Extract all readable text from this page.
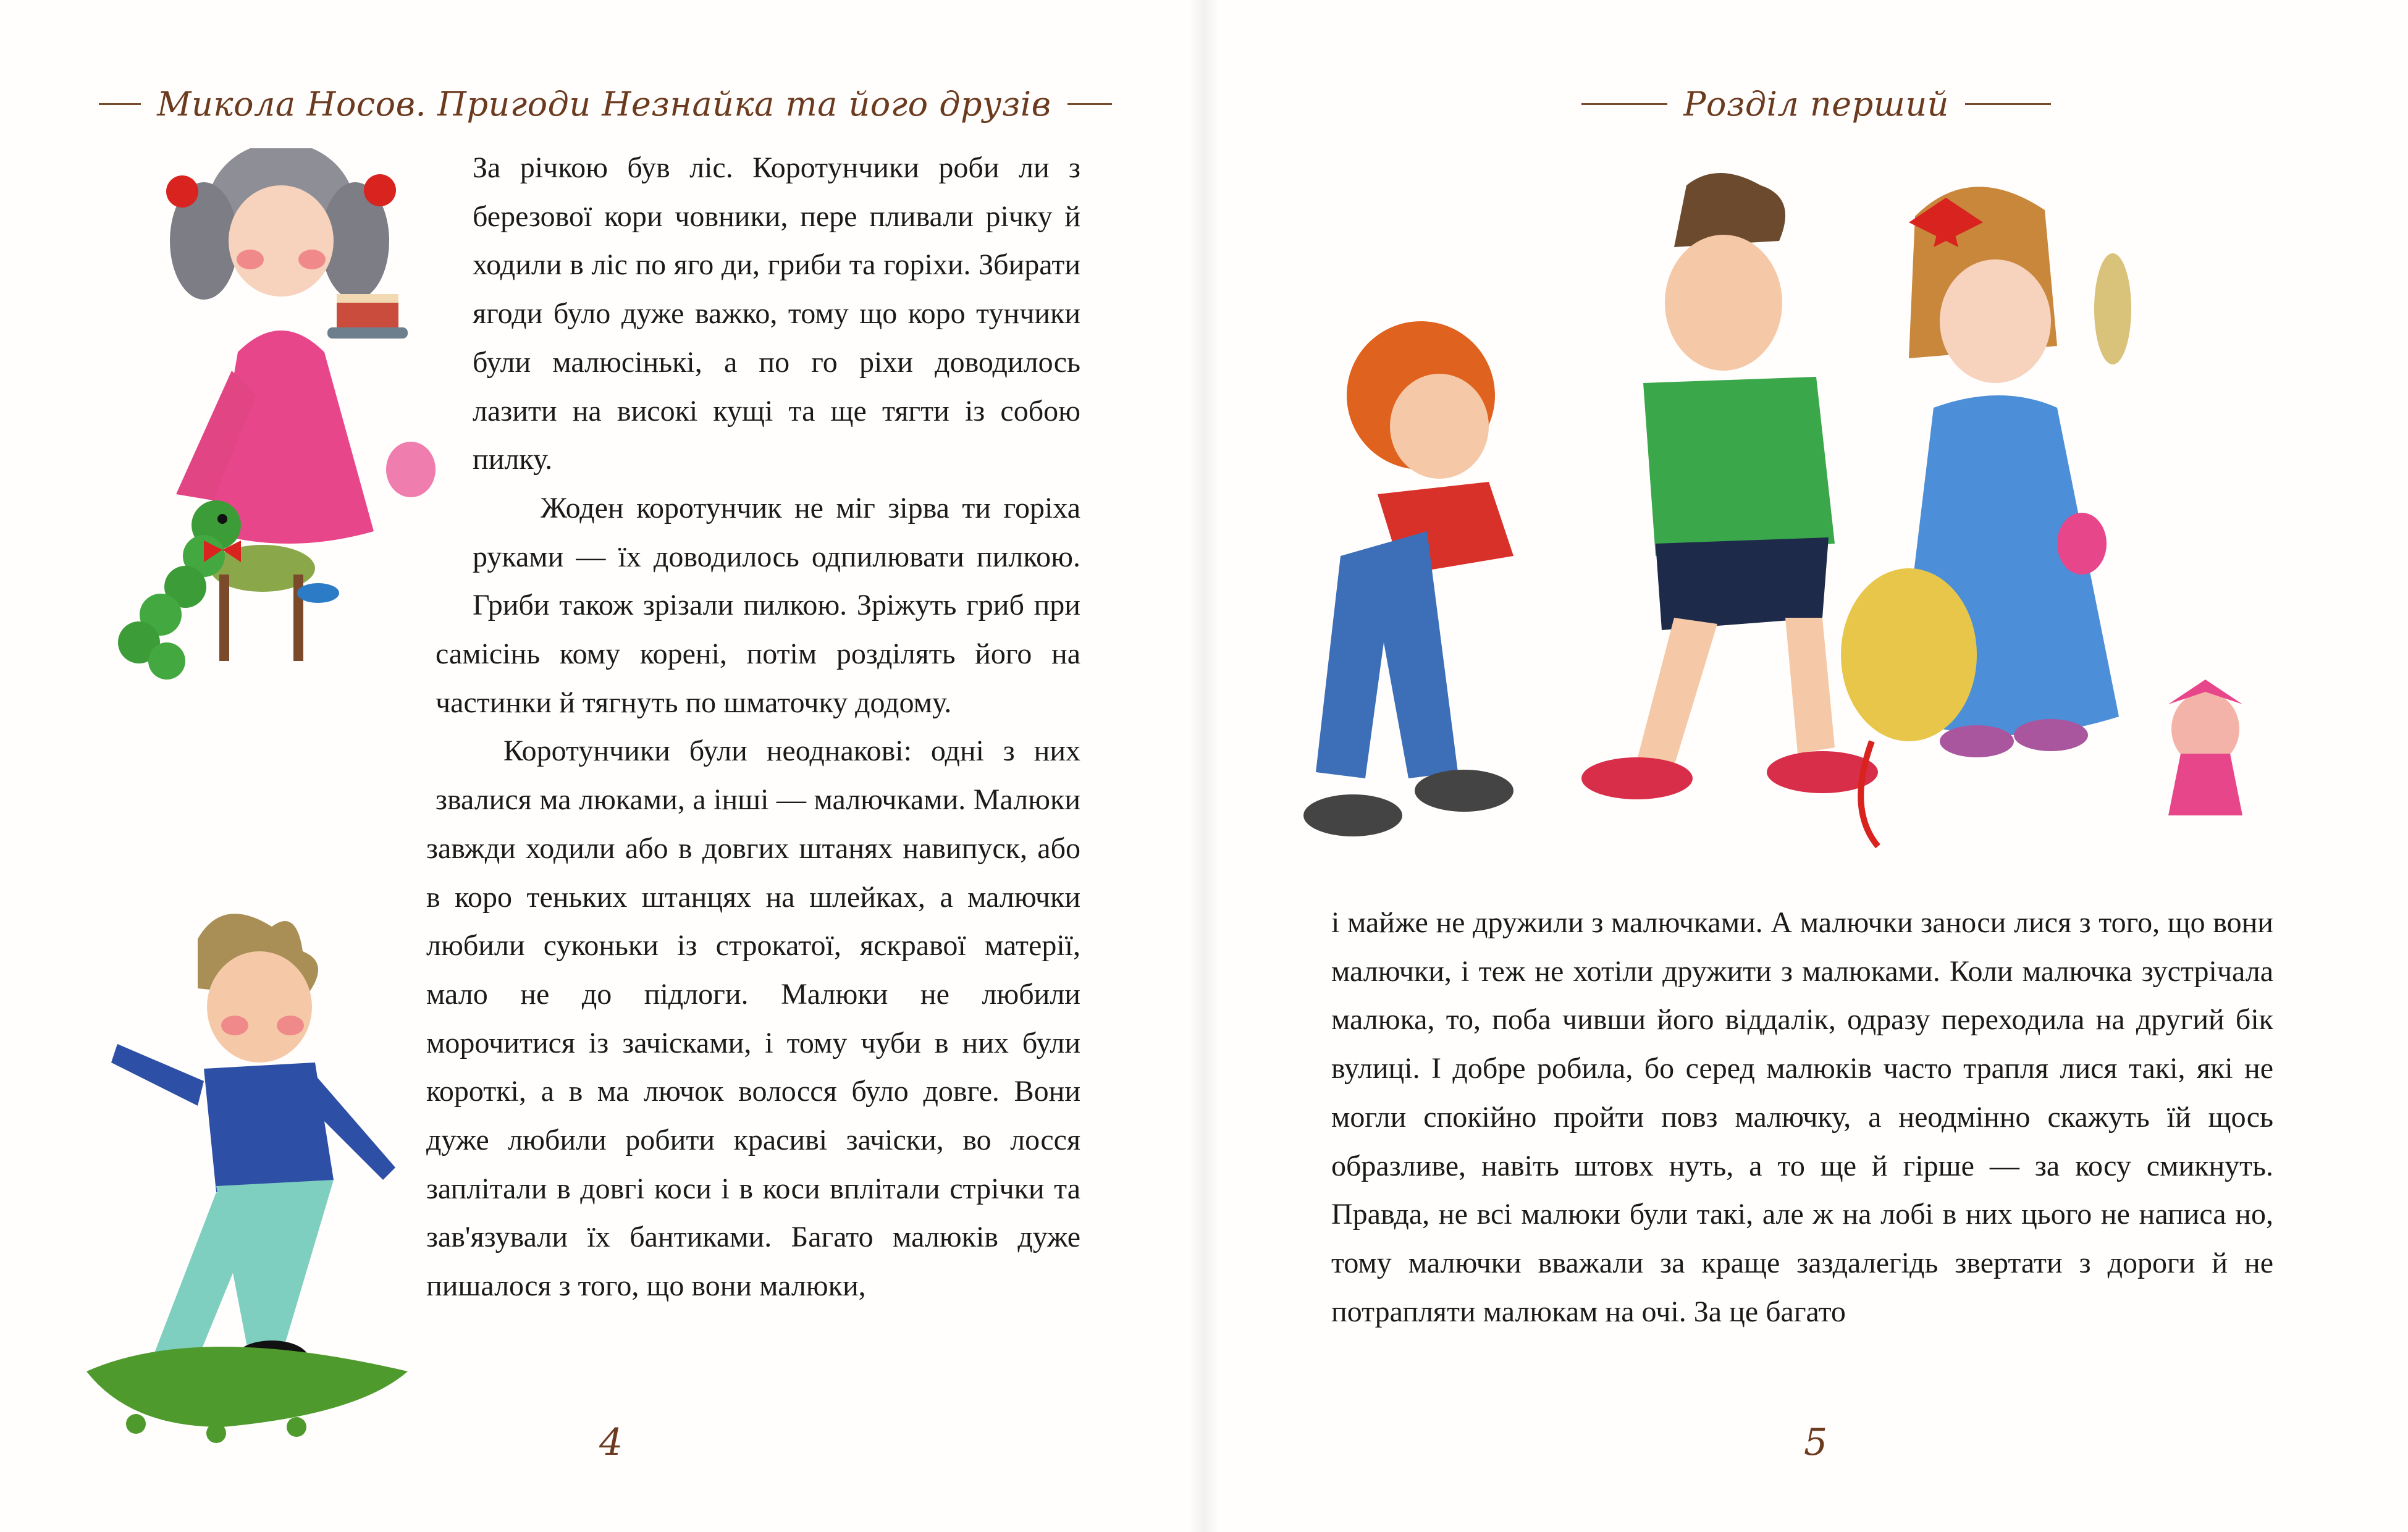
Микола Носов. Пригоди Незнайка та його друзів

За річкою був ліс. Коротунчики роби ли з березової кори човники, пере пливали річку й ходили в ліс по яго ди, гриби та горіхи. Збирати ягоди було дуже важко, тому що коро тунчики були малюсінькі, а по го ріхи доводилось лазити на високі кущі та ще тягти із собою пилку.

Жоден коротунчик не міг зірва ти горіха руками — їх доводилось одпилювати пилкою. Гриби також зрізали пилкою. Зріжуть гриб при самісінь кому корені, потім розділять його на частинки й тягнуть по шматочку додому.

Коротунчики були неоднакові: одні з них звалися ма люками, а інші — малючками. Малюки завжди ходили
або в довгих штанях навипуск, або в коро теньких штанцях на шлейках, а малючки любили суконьки із строкатої, яскравої матерії, мало не до підлоги. Малюки не любили морочитися із зачісками, і тому чуби в них були короткі, а в ма лючок волосся було довге. Вони дуже любили робити красиві зачіски, во лосся заплітали в довгі коси і в коси вплітали стрічки та зав'язували їх бантиками. Багато малюків дуже пишалося з того, що вони малюки,

4
Розділ перший

і майже не дружили з малючками. А малючки заноси лися з того, що вони малючки, і теж не хотіли дружити з малюками. Коли малючка зустрічала малюка, то, поба чивши його віддалік, одразу переходила на другий бік вулиці. І добре робила, бо серед малюків часто трапля лися такі, які не могли спокійно пройти повз малючку, а неодмінно скажуть їй щось образливе, навіть штовх нуть, а то ще й гірше — за косу смикнуть. Правда, не всі малюки були такі, але ж на лобі в них цього не написа но, тому малючки вважали за краще заздалегідь звертати з дороги й не потрапляти малюкам на очі. За це багато

5
